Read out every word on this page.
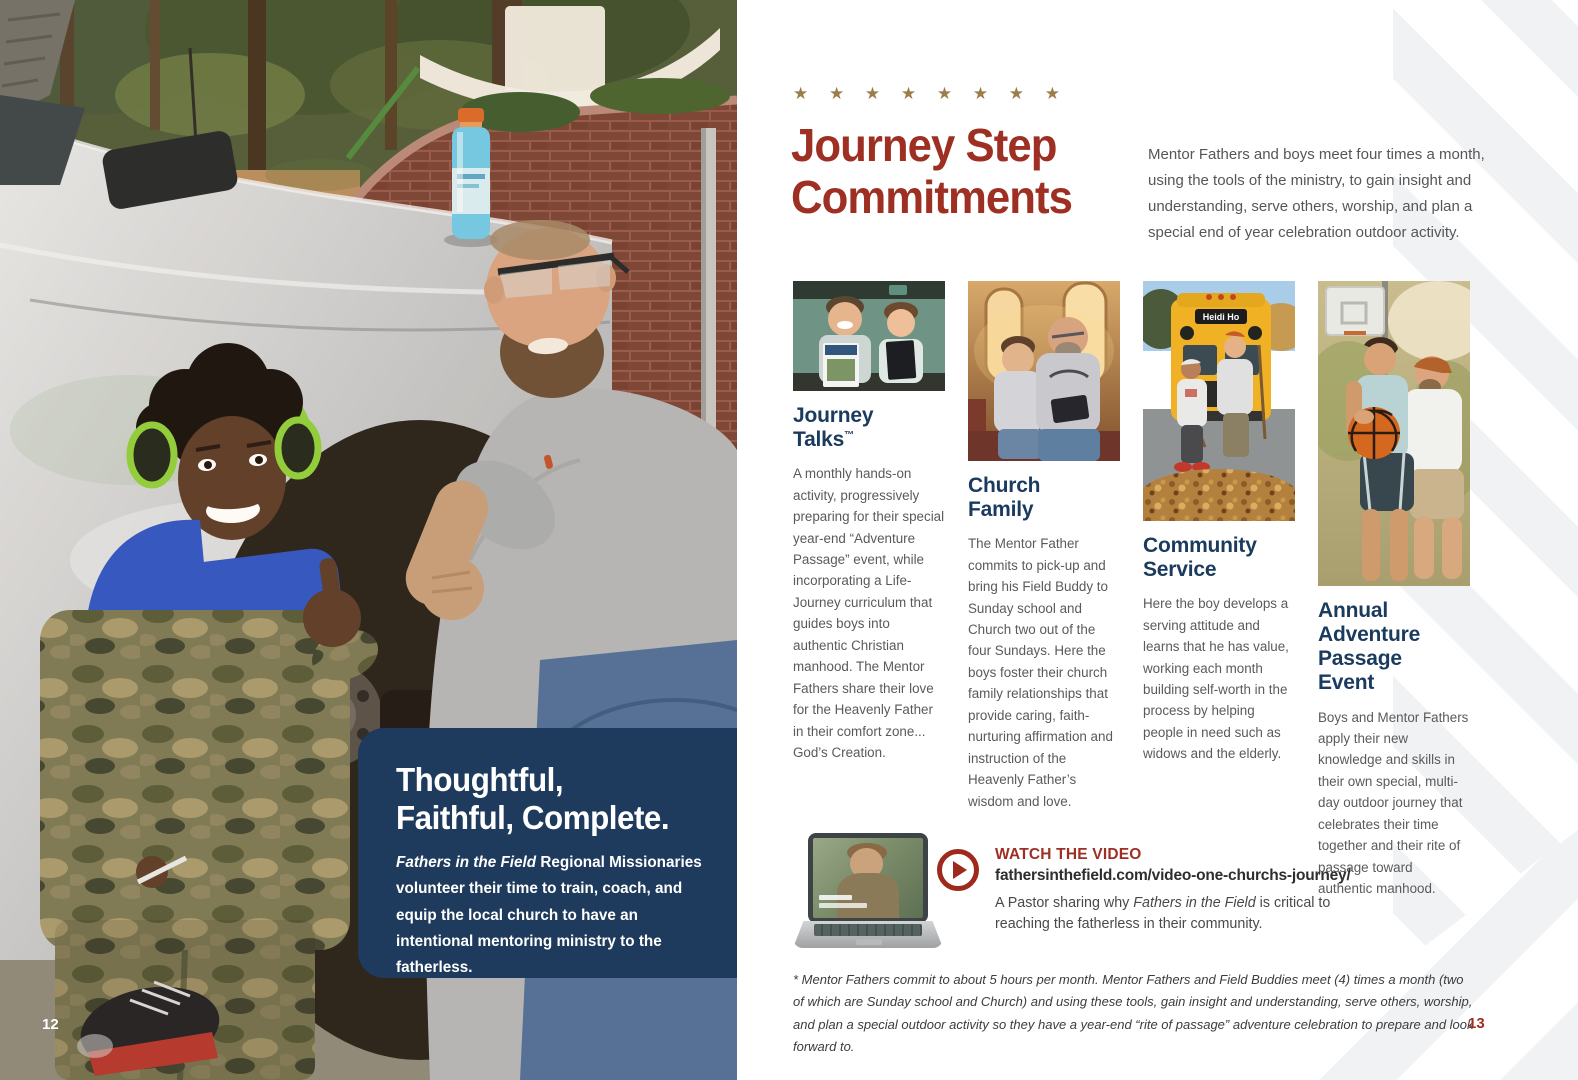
Thoughtful,
Faithful, Complete.
Fathers in the Field Regional Missionaries volunteer their time to train, coach, and equip the local church to have an intentional mentoring ministry to the fatherless.
12
★ ★ ★ ★ ★ ★ ★ ★
Journey Step
Commitments
Mentor Fathers and boys meet four times a month, using the tools of the ministry, to gain insight and understanding, serve others, worship, and plan a special end of year celebration outdoor activity.
Journey Talks™
A monthly hands-on activity, progressively preparing for their special year-end “Adventure Passage” event, while incorporating a Life-Journey curriculum that guides boys into authentic Christian manhood. The Mentor Fathers share their love for the Heavenly Father in their comfort zone... God’s Creation.
Church Family
The Mentor Father commits to pick-up and bring his Field Buddy to Sunday school and Church two out of the four Sundays. Here the boys foster their church family relationships that provide caring, faith-nurturing affirmation and instruction of the Heavenly Father’s wisdom and love.
Heidi Ho
Community Service
Here the boy develops a serving attitude and learns that he has value, working each month building self-worth in the process by helping people in need such as widows and the elderly.
Annual Adventure Passage Event
Boys and Mentor Fathers apply their new knowledge and skills in their own special, multi-day outdoor journey that celebrates their time together and their rite of passage toward authentic manhood.
WATCH THE VIDEO
fathersinthefield.com/video-one-churchs-journey/
A Pastor sharing why Fathers in the Field is critical to reaching the fatherless in their community.
* Mentor Fathers commit to about 5 hours per month. Mentor Fathers and Field Buddies meet (4) times a month (two of which are Sunday school and Church) and using these tools, gain insight and understanding, serve others, worship, and plan a special outdoor activity so they have a year-end “rite of passage” adventure celebration to prepare and look forward to.
13
